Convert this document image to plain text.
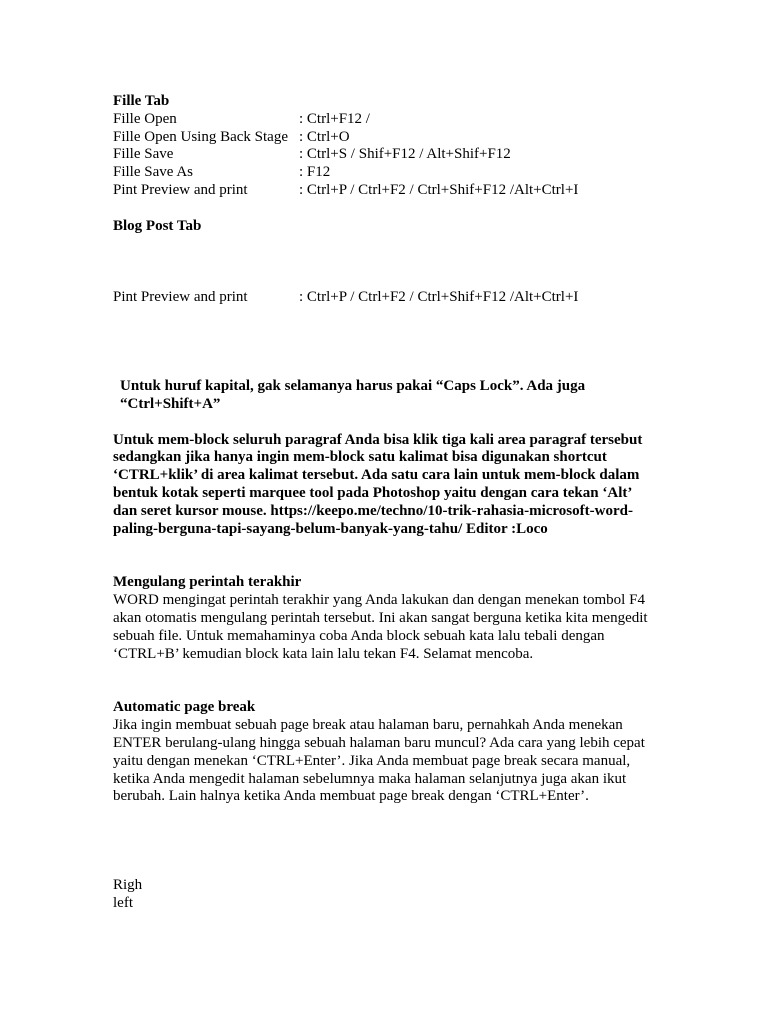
Fille Tab

Fille Open	: Ctrl+F12 /
Fille Open Using Back Stage : Ctrl+O
Fille Save	: Ctrl+S / Shif+F12 / Alt+Shif+F12
Fille Save As	: F12
Pint Preview and print	: Ctrl+P / Ctrl+F2 / Ctrl+Shif+F12 /Alt+Ctrl+I

Blog Post Tab

Pint Preview and print	: Ctrl+P / Ctrl+F2 / Ctrl+Shif+F12 /Alt+Ctrl+I

Untuk huruf kapital, gak selamanya harus pakai “Caps Lock”. Ada juga “Ctrl+Shift+A”

Untuk mem-block seluruh paragraf Anda bisa klik tiga kali area paragraf tersebut sedangkan jika hanya ingin mem-block satu kalimat bisa digunakan shortcut ‘CTRL+klik’ di area kalimat tersebut. Ada satu cara lain untuk mem-block dalam bentuk kotak seperti marquee tool pada Photoshop yaitu dengan cara tekan ‘Alt’ dan seret kursor mouse. https://keepo.me/techno/10-trik-rahasia-microsoft-word-paling-berguna-tapi-sayang-belum-banyak-yang-tahu/ Editor :Loco

Mengulang perintah terakhir

WORD mengingat perintah terakhir yang Anda lakukan dan dengan menekan tombol F4 akan otomatis mengulang perintah tersebut. Ini akan sangat berguna ketika kita mengedit sebuah file. Untuk memahaminya coba Anda block sebuah kata lalu tebali dengan ‘CTRL+B’ kemudian block kata lain lalu tekan F4. Selamat mencoba.

Automatic page break

Jika ingin membuat sebuah page break atau halaman baru, pernahkah Anda menekan ENTER berulang-ulang hingga sebuah halaman baru muncul? Ada cara yang lebih cepat yaitu dengan menekan ‘CTRL+Enter’. Jika Anda membuat page break secara manual, ketika Anda mengedit halaman sebelumnya maka halaman selanjutnya juga akan ikut berubah. Lain halnya ketika Anda membuat page break dengan ‘CTRL+Enter’.

Righ

left
